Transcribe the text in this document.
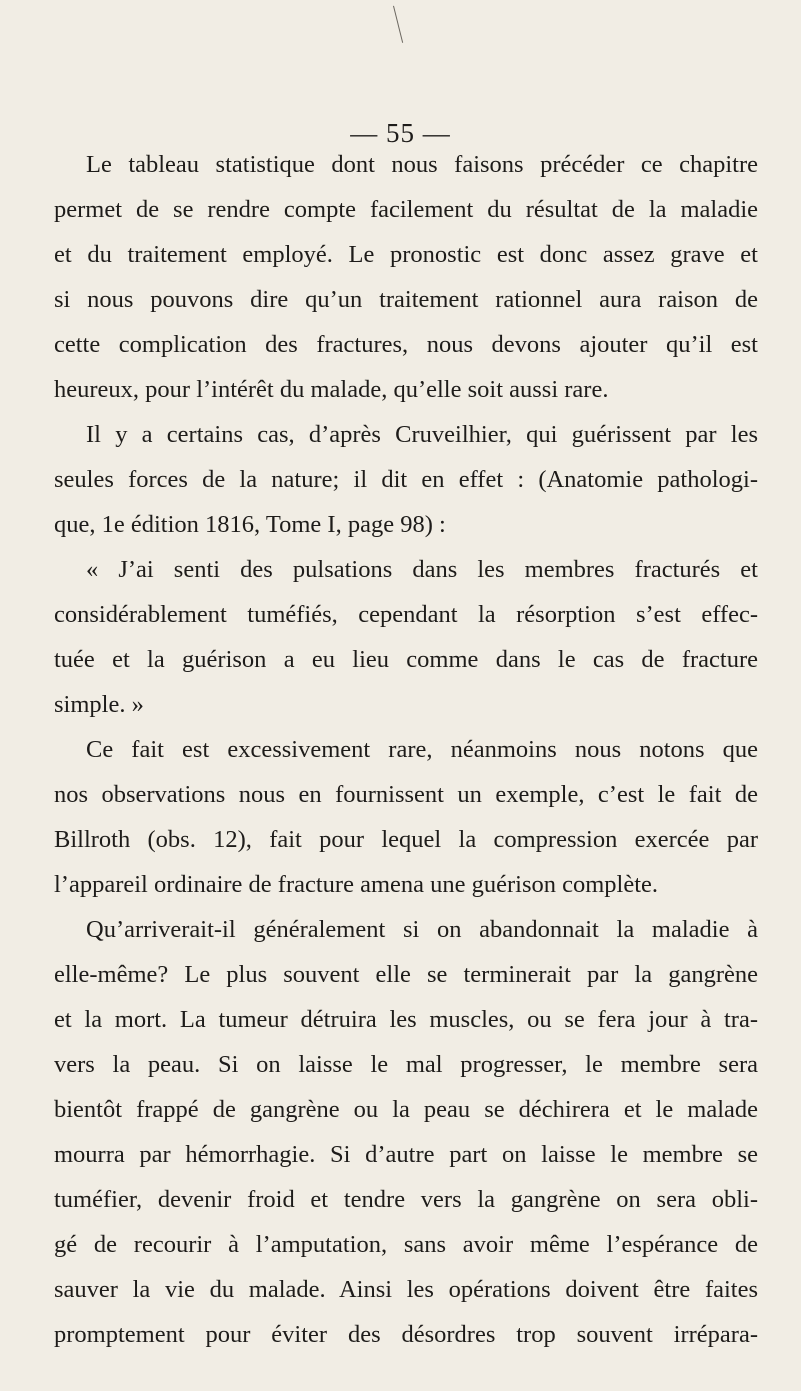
— 55 —
Le tableau statistique dont nous faisons précéder ce chapitre
permet de se rendre compte facilement du résultat de la maladie
et du traitement employé. Le pronostic est donc assez grave et
si nous pouvons dire qu’un traitement rationnel aura raison de
cette complication des fractures, nous devons ajouter qu’il est
heureux, pour l’intérêt du malade, qu’elle soit aussi rare.
Il y a certains cas, d’après Cruveilhier, qui guérissent par les
seules forces de la nature; il dit en effet : (Anatomie pathologi-
que, 1e édition 1816, Tome I, page 98) :
« J’ai senti des pulsations dans les membres fracturés et
considérablement tuméfiés, cependant la résorption s’est effec-
tuée et la guérison a eu lieu comme dans le cas de fracture
simple. »
Ce fait est excessivement rare, néanmoins nous notons que
nos observations nous en fournissent un exemple, c’est le fait de
Billroth (obs. 12), fait pour lequel la compression exercée par
l’appareil ordinaire de fracture amena une guérison complète.
Qu’arriverait-il généralement si on abandonnait la maladie à
elle-même? Le plus souvent elle se terminerait par la gangrène
et la mort. La tumeur détruira les muscles, ou se fera jour à tra-
vers la peau. Si on laisse le mal progresser, le membre sera
bientôt frappé de gangrène ou la peau se déchirera et le malade
mourra par hémorrhagie. Si d’autre part on laisse le membre se
tuméfier, devenir froid et tendre vers la gangrène on sera obli-
gé de recourir à l’amputation, sans avoir même l’espérance de
sauver la vie du malade. Ainsi les opérations doivent être faites
promptement pour éviter des désordres trop souvent irrépara-
